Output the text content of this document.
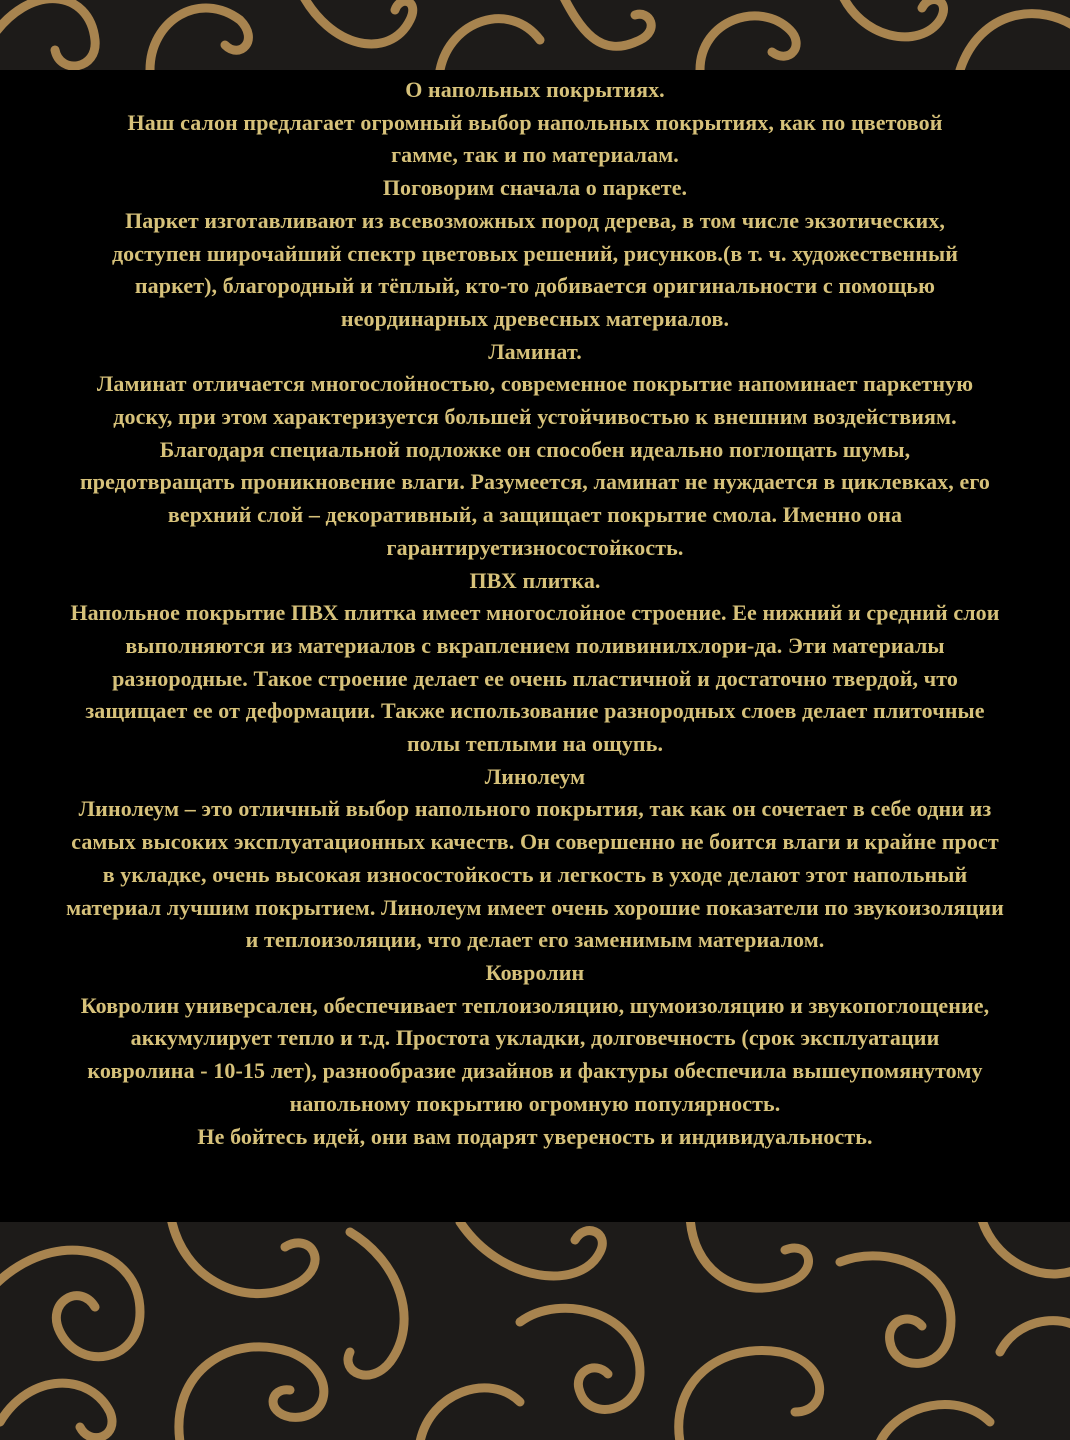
О напольных покрытиях.

Наш салон предлагает огромный выбор напольных покрытиях, как по цветовой гамме, так и по материалам.

Поговорим сначала о паркете.

Паркет изготавливают из всевозможных пород дерева, в том числе экзотических, доступен широчайший спектр цветовых решений, рисунков.(в т. ч. художественный паркет), благородный и тёплый, кто-то добивается оригинальности с помощью неординарных древесных материалов.

Ламинат.

Ламинат отличается многослойностью, современное покрытие напоминает паркетную доску, при этом характеризуется большей устойчивостью к внешним воздействиям. Благодаря специальной подложке он способен идеально поглощать шумы, предотвращать проникновение влаги. Разумеется, ламинат не нуждается в циклевках, его верхний слой – декоративный, а защищает покрытие смола. Именно она гарантируетизносостойкость.

ПВХ плитка.

Напольное покрытие ПВХ плитка имеет многослойное строение. Ее нижний и средний слои выполняются из материалов с вкраплением поливинилхлори-да. Эти материалы разнородные. Такое строение делает ее очень пластичной и достаточно твердой, что защищает ее от деформации. Также использование разнородных слоев делает плиточные полы теплыми на ощупь.

Линолеум

Линолеум – это отличный выбор напольного покрытия, так как он сочетает в себе одни из самых высоких эксплуатационных качеств. Он совершенно не боится влаги и крайне прост в укладке, очень высокая износостойкость и легкость в уходе делают этот напольный материал лучшим покрытием. Линолеум имеет очень хорошие показатели по звукоизоляции и теплоизоляции, что делает его заменимым материалом.

Ковролин

Ковролин универсален, обеспечивает теплоизоляцию, шумоизоляцию и звукопоглощение, аккумулирует тепло и т.д. Простота укладки, долговечность (срок эксплуатации ковролина - 10-15 лет), разнообразие дизайнов и фактуры обеспечила вышеупомянутому напольному покрытию огромную популярность.

Не бойтесь идей, они вам подарят увереность и индивидуальность.
